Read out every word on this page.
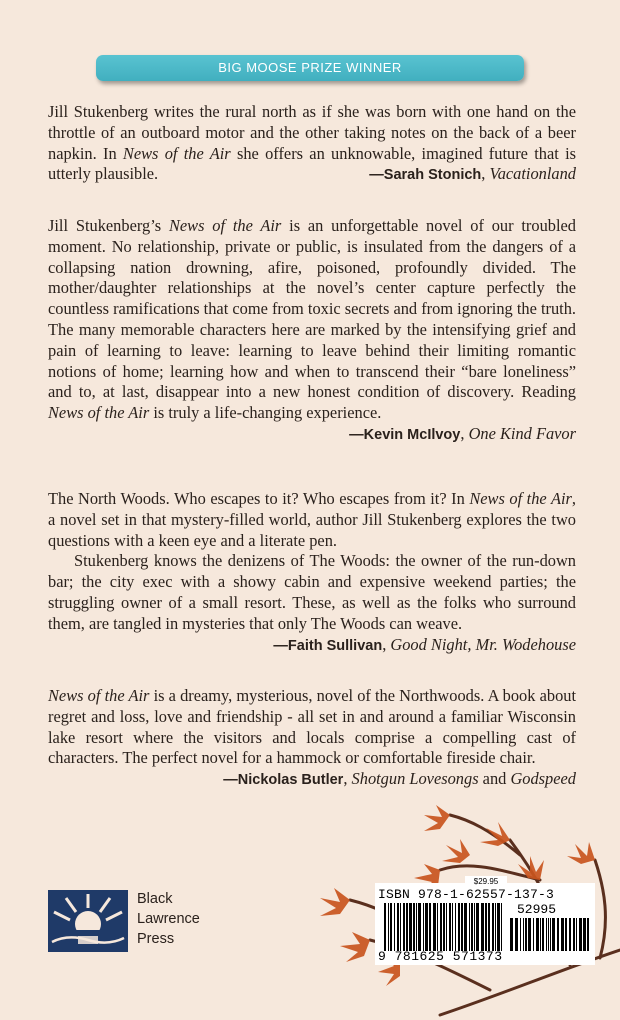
BIG MOOSE PRIZE WINNER

Jill Stukenberg writes the rural north as if she was born with one hand on the throttle of an outboard motor and the other taking notes on the back of a beer napkin. In News of the Air she offers an unknowable, imagined future that is utterly plausible.	—Sarah Stonich, Vacationland

Jill Stukenberg’s News of the Air is an unforgettable novel of our troubled moment. No relationship, private or public, is insulated from the dangers of a collapsing nation drowning, afire, poisoned, profoundly divided. The mother/daughter relationships at the novel’s center capture perfectly the countless ramifications that come from toxic secrets and from ignoring the truth. The many memorable characters here are marked by the intensifying grief and pain of learning to leave: learning to leave behind their limiting romantic notions of home; learning how and when to transcend their “bare loneliness” and to, at last, disappear into a new honest condition of discovery. Reading News of the Air is truly a life-changing experience.

—Kevin McIlvoy, One Kind Favor

The North Woods. Who escapes to it? Who escapes from it? In News of the Air, a novel set in that mystery-filled world, author Jill Stukenberg explores the two questions with a keen eye and a literate pen.

Stukenberg knows the denizens of The Woods: the owner of the run-down bar; the city exec with a showy cabin and expensive weekend parties; the struggling owner of a small resort. These, as well as the folks who surround them, are tangled in mysteries that only The Woods can weave.

—Faith Sullivan, Good Night, Mr. Wodehouse

News of the Air is a dreamy, mysterious, novel of the Northwoods. A book about regret and loss, love and friendship - all set in and around a familiar Wisconsin lake resort where the visitors and locals comprise a compelling cast of characters. The perfect novel for a hammock or comfortable fireside chair.
—Nickolas Butler, Shotgun Lovesongs and Godspeed

Black
Lawrence
Press
$29.95
ISBN 978-1-62557-137-3
52995
9 781625 571373
